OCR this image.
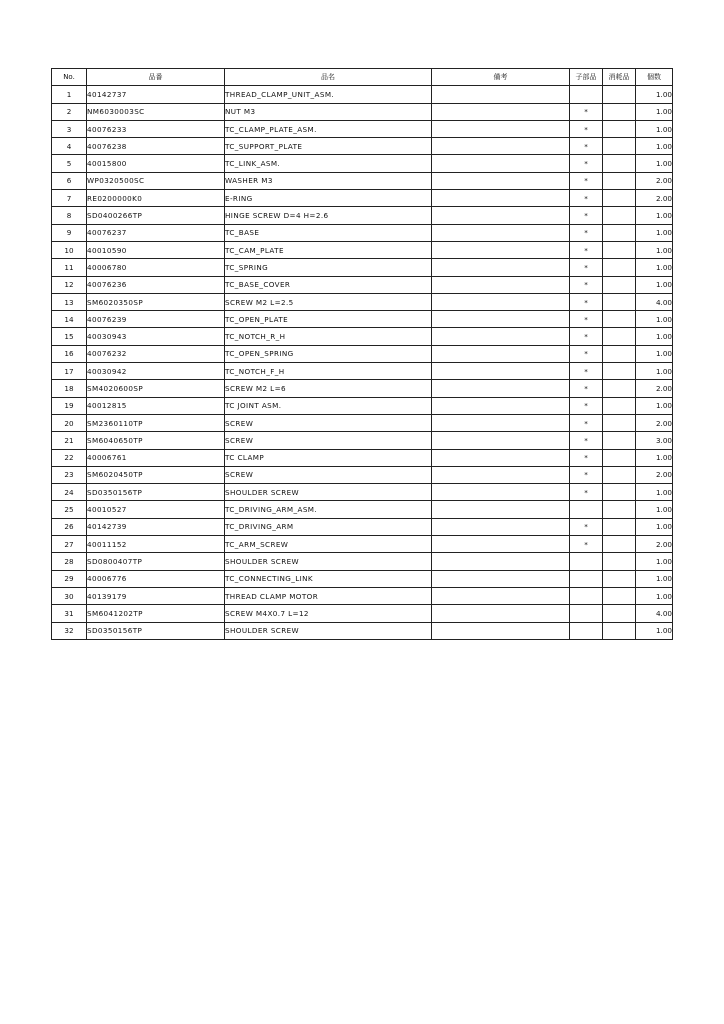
No.	品番	品名	備考	子部品	消耗品	個数
1	40142737	THREAD_CLAMP_UNIT_ASM.				1.00
2	NM6030003SC	NUT M3		*		1.00
3	40076233	TC_CLAMP_PLATE_ASM.		*		1.00
4	40076238	TC_SUPPORT_PLATE		*		1.00
5	40015800	TC_LINK_ASM.		*		1.00
6	WP0320500SC	WASHER M3		*		2.00
7	RE0200000K0	E-RING		*		2.00
8	SD0400266TP	HINGE SCREW D=4 H=2.6		*		1.00
9	40076237	TC_BASE		*		1.00
10	40010590	TC_CAM_PLATE		*		1.00
11	40006780	TC_SPRING		*		1.00
12	40076236	TC_BASE_COVER		*		1.00
13	SM6020350SP	SCREW M2 L=2.5		*		4.00
14	40076239	TC_OPEN_PLATE		*		1.00
15	40030943	TC_NOTCH_R_H		*		1.00
16	40076232	TC_OPEN_SPRING		*		1.00
17	40030942	TC_NOTCH_F_H		*		1.00
18	SM4020600SP	SCREW M2 L=6		*		2.00
19	40012815	TC JOINT ASM.		*		1.00
20	SM2360110TP	SCREW		*		2.00
21	SM6040650TP	SCREW		*		3.00
22	40006761	TC CLAMP		*		1.00
23	SM6020450TP	SCREW		*		2.00
24	SD0350156TP	SHOULDER SCREW		*		1.00
25	40010527	TC_DRIVING_ARM_ASM.				1.00
26	40142739	TC_DRIVING_ARM		*		1.00
27	40011152	TC_ARM_SCREW		*		2.00
28	SD0800407TP	SHOULDER SCREW				1.00
29	40006776	TC_CONNECTING_LINK				1.00
30	40139179	THREAD CLAMP MOTOR				1.00
31	SM6041202TP	SCREW M4X0.7 L=12				4.00
32	SD0350156TP	SHOULDER SCREW				1.00
